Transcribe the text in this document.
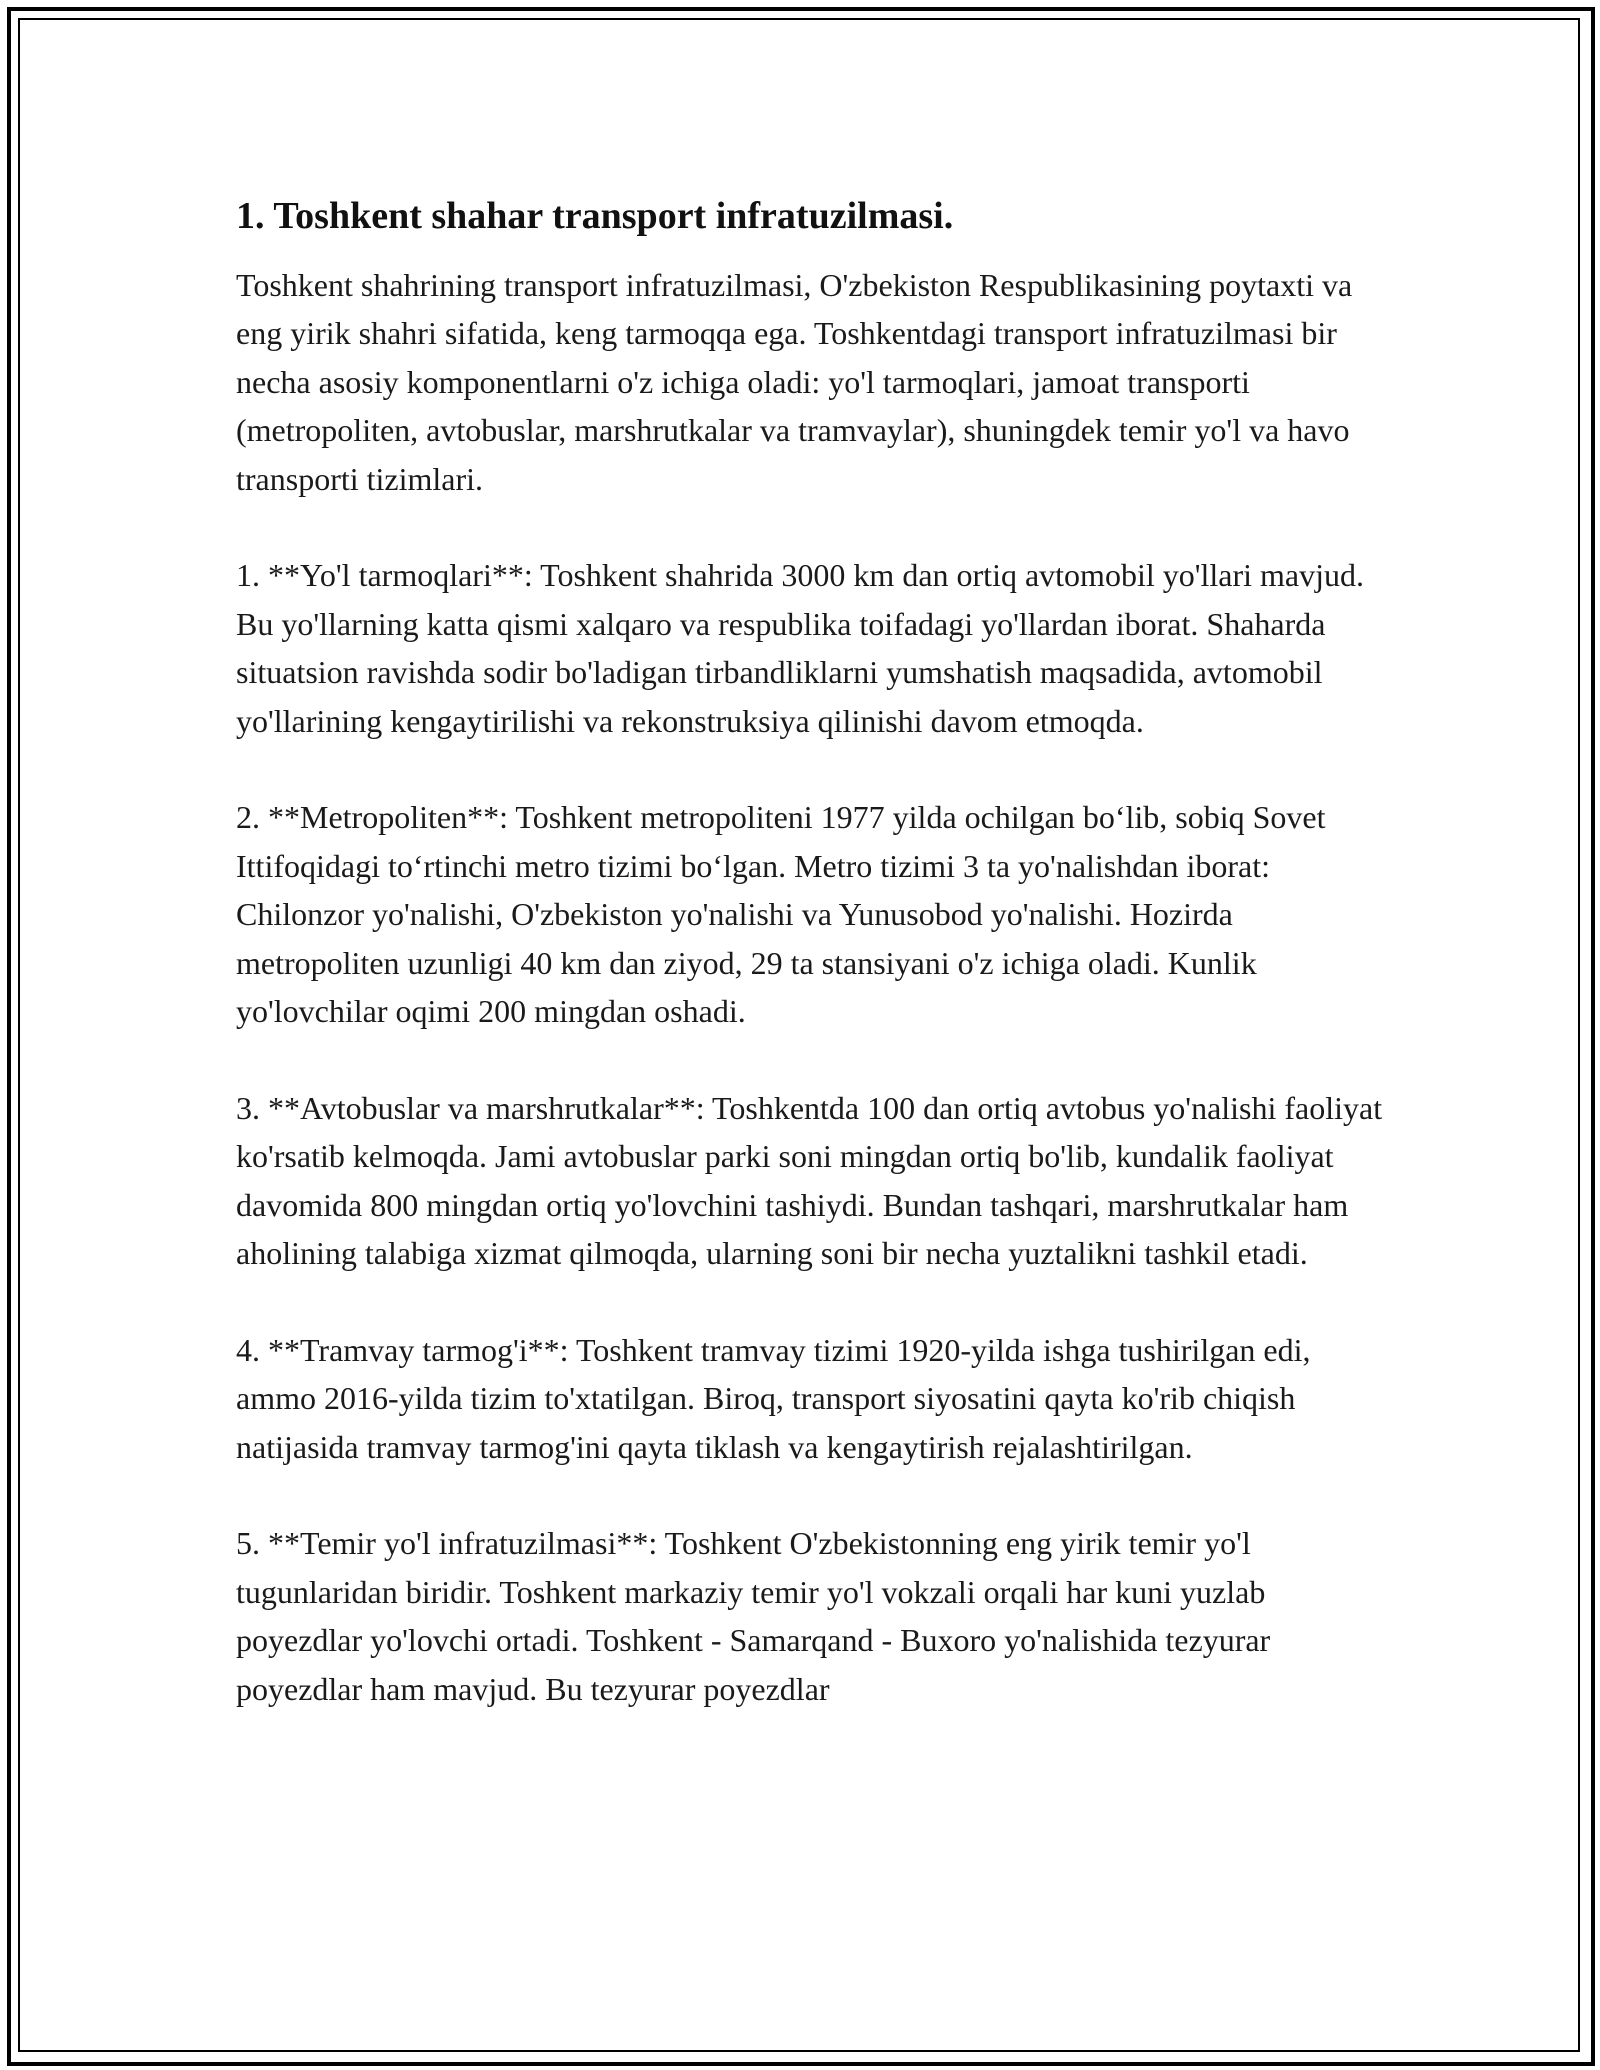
1. Toshkent shahar transport infratuzilmasi.

Toshkent shahrining transport infratuzilmasi, O'zbekiston Respublikasining poytaxti va eng yirik shahri sifatida, keng tarmoqqa ega. Toshkentdagi transport infratuzilmasi bir necha asosiy komponentlarni o'z ichiga oladi: yo'l tarmoqlari, jamoat transporti (metropoliten, avtobuslar, marshrutkalar va tramvaylar), shuningdek temir yo'l va havo transporti tizimlari.

1. **Yo'l tarmoqlari**: Toshkent shahrida 3000 km dan ortiq avtomobil yo'llari mavjud. Bu yo'llarning katta qismi xalqaro va respublika toifadagi yo'llardan iborat. Shaharda situatsion ravishda sodir bo'ladigan tirbandliklarni yumshatish maqsadida, avtomobil yo'llarining kengaytirilishi va rekonstruksiya qilinishi davom etmoqda.

2. **Metropoliten**: Toshkent metropoliteni 1977 yilda ochilgan bo‘lib, sobiq Sovet Ittifoqidagi to‘rtinchi metro tizimi bo‘lgan. Metro tizimi 3 ta yo'nalishdan iborat: Chilonzor yo'nalishi, O'zbekiston yo'nalishi va Yunusobod yo'nalishi. Hozirda metropoliten uzunligi 40 km dan ziyod, 29 ta stansiyani o'z ichiga oladi. Kunlik yo'lovchilar oqimi 200 mingdan oshadi.

3. **Avtobuslar va marshrutkalar**: Toshkentda 100 dan ortiq avtobus yo'nalishi faoliyat ko'rsatib kelmoqda. Jami avtobuslar parki soni mingdan ortiq bo'lib, kundalik faoliyat davomida 800 mingdan ortiq yo'lovchini tashiydi. Bundan tashqari, marshrutkalar ham aholining talabiga xizmat qilmoqda, ularning soni bir necha yuztalikni tashkil etadi.

4. **Tramvay tarmog'i**: Toshkent tramvay tizimi 1920-yilda ishga tushirilgan edi, ammo 2016-yilda tizim to'xtatilgan. Biroq, transport siyosatini qayta ko'rib chiqish natijasida tramvay tarmog'ini qayta tiklash va kengaytirish rejalashtirilgan.

5. **Temir yo'l infratuzilmasi**: Toshkent O'zbekistonning eng yirik temir yo'l tugunlaridan biridir. Toshkent markaziy temir yo'l vokzali orqali har kuni yuzlab poyezdlar yo'lovchi ortadi. Toshkent - Samarqand - Buxoro yo'nalishida tezyurar poyezdlar ham mavjud. Bu tezyurar poyezdlar
